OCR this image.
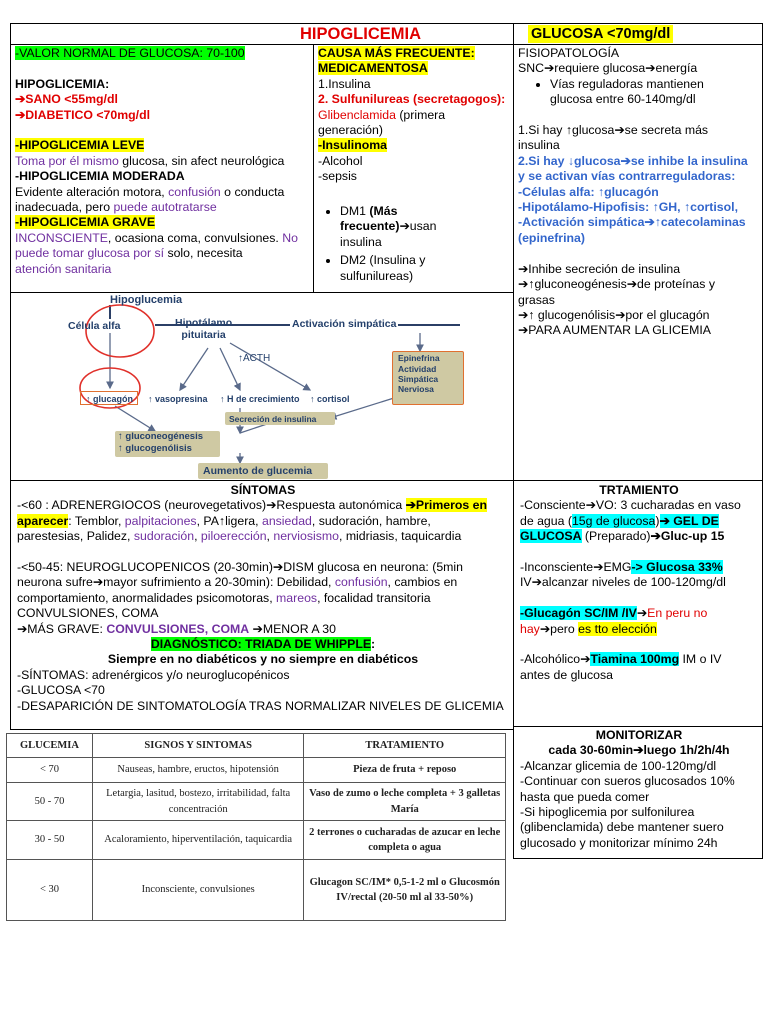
HIPOGLICEMIA	GLUCOSA <70mg/dl
-VALOR NORMAL DE GLUCOSA: 70-100

HIPOGLICEMIA:
➔SANO <55mg/dl
➔DIABETICO <70mg/dl

-HIPOGLICEMIA LEVE
Toma por él mismo glucosa, sin afect neurológica
-HIPOGLICEMIA MODERADA
Evidente alteración motora, confusión o conducta
inadecuada, pero puede autotratarse
-HIPOGLICEMIA GRAVE
INCONSCIENTE, ocasiona coma, convulsiones. No
puede tomar glucosa por sí solo, necesita
atención sanitaria
CAUSA MÁS FRECUENTE:
MEDICAMENTOSA
1.Insulina
2. Sulfunilureas (secretagogos):
Glibenclamida (primera
generación)
-Insulinoma
-Alcohol
-sepsis

• DM1 (Más
frecuente)➔usan
insulina
• DM2 (Insulina y
sulfunilureas)
FISIOPATOLOGÍA
SNC➔requiere glucosa➔energía
• Vías reguladoras mantienen
glucosa entre 60-140mg/dl

1.Si hay ↑glucosa➔se secreta más
insulina
2.Si hay ↓glucosa➔se inhibe la insulina
y se activan vías contrarreguladoras:
-Células alfa: ↑glucagón
-Hipotálamo-Hipofisis: ↑GH, ↑cortisol,
-Activación simpática➔↑catecolaminas
(epinefrina)

➔Inhibe secreción de insulina
➔↑gluconeogénesis➔de proteínas y
grasas
➔↑ glucogenólisis➔por el glucagón
➔PARA AUMENTAR LA GLICEMIA
Hipoglucemia
Célula alfa	Hipotálamo
pituitaria
Activación simpática
↑ACTH	Epinefrina
Actividad
Simpática
Nerviosa
↑ glucagón ↑ vasopresina ↑ H de crecimiento ↑ cortisol
Secreción de insulina
↑ gluconeogénesis
↑ glucogenólisis
Aumento de glucemia
SÍNTOMAS
-<60 : ADRENERGIOCOS (neurovegetativos)➔Respuesta autonómica ➔Primeros en
aparecer: Temblor, palpitaciones, PA↑ligera, ansiedad, sudoración, hambre,
parestesias, Palidez, sudoración, piloerección, nerviosismo, midriasis, taquicardia

-<50-45: NEUROGLUCOPENICOS (20-30min)➔DISM glucosa en neurona: (5min
neurona sufre➔mayor sufrimiento a 20-30min): Debilidad, confusión, cambios en
comportamiento, anormalidades psicomotoras, mareos, focalidad transitoria
CONVULSIONES, COMA
➔MÁS GRAVE: CONVULSIONES, COMA ➔MENOR A 30
DIAGNÓSTICO: TRIADA DE WHIPPLE:
Siempre en no diabéticos y no siempre en diabéticos
-SÍNTOMAS: adrenérgicos y/o neuroglucopénicos
-GLUCOSA <70
-DESAPARICIÓN DE SINTOMATOLOGÍA TRAS NORMALIZAR NIVELES DE GLICEMIA
TRTAMIENTO
-Consciente➔VO: 3 cucharadas en vaso
de agua (15g de glucosa)➔ GEL DE
GLUCOSA (Preparado)➔Gluc-up 15

-Inconsciente➔EMG-> Glucosa 33%
IV➔alcanzar niveles de 100-120mg/dl

-Glucagón SC/IM /IV➔En peru no
hay➔pero es tto elección

-Alcohólico➔Tiamina 100mg IM o IV
antes de glucosa
MONITORIZAR
cada 30-60min➔luego 1h/2h/4h
-Alcanzar glicemia de 100-120mg/dl
-Continuar con sueros glucosados 10%
hasta que pueda comer
-Si hipoglicemia por sulfonilurea
(glibenclamida) debe mantener suero
glucosado y monitorizar mínimo 24h
GLUCEMIA	SIGNOS Y SINTOMAS	TRATAMIENTO
< 70	Nauseas, hambre, eructos, hipotensión	Pieza de fruta + reposo
50 - 70	Letargia, lasitud, bostezo, irritabilidad, falta concentración	Vaso de zumo o leche completa + 3 galletas María
30 - 50	Acaloramiento, hiperventilación, taquicardia	2 terrones o cucharadas de azucar en leche completa o agua
< 30	Inconsciente, convulsiones	Glucagon SC/IM* 0,5-1-2 ml o Glucosmón IV/rectal (20-50 ml al 33-50%)
